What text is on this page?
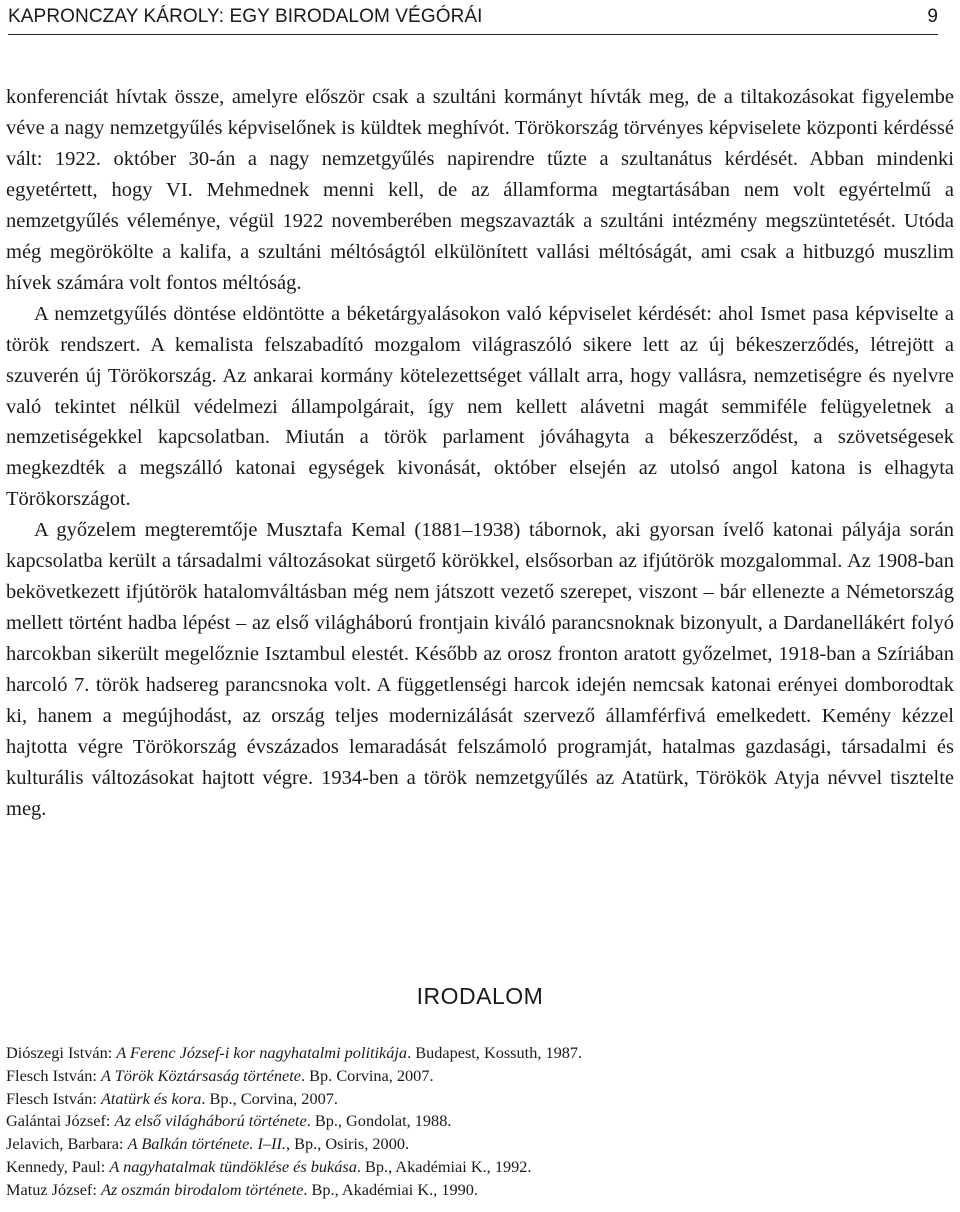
KAPRONCZAY KÁROLY: EGY BIRODALOM VÉGÓRÁI	9

konferenciát hívtak össze, amelyre először csak a szultáni kormányt hívták meg, de a tiltakozásokat figyelembe véve a nagy nemzetgyűlés képviselőnek is küldtek meghívót. Törökország törvényes képviselete központi kérdéssé vált: 1922. október 30-án a nagy nemzetgyűlés napirendre tűzte a szultanátus kérdését. Abban mindenki egyetértett, hogy VI. Mehmednek menni kell, de az államforma megtartásában nem volt egyértelmű a nemzetgyűlés véleménye, végül 1922 novemberében megszavazták a szultáni intézmény megszüntetését. Utóda még megörökölte a kalifa, a szultáni méltóságtól elkülönített vallási méltóságát, ami csak a hitbuzgó muszlim hívek számára volt fontos méltóság.

A nemzetgyűlés döntése eldöntötte a béketárgyalásokon való képviselet kérdését: ahol Ismet pasa képviselte a török rendszert. A kemalista felszabadító mozgalom világraszóló sikere lett az új békeszerződés, létrejött a szuverén új Törökország. Az ankarai kormány kötelezettséget vállalt arra, hogy vallásra, nemzetiségre és nyelvre való tekintet nélkül védelmezi állampolgárait, így nem kellett alávetni magát semmiféle felügyeletnek a nemzetiségekkel kapcsolatban. Miután a török parlament jóváhagyta a békeszerződést, a szövetségesek megkezdték a megszálló katonai egységek kivonását, október elsején az utolsó angol katona is elhagyta Törökországot.

A győzelem megteremtője Musztafa Kemal (1881–1938) tábornok, aki gyorsan ívelő katonai pályája során kapcsolatba került a társadalmi változásokat sürgető körökkel, elsősorban az ifjútörök mozgalommal. Az 1908-ban bekövetkezett ifjútörök hatalomváltásban még nem játszott vezető szerepet, viszont – bár ellenezte a Németország mellett történt hadba lépést – az első világháború frontjain kiváló parancsnoknak bizonyult, a Dardanellákért folyó harcokban sikerült megelőznie Isztambul elestét. Később az orosz fronton aratott győzelmet, 1918-ban a Szíriában harcoló 7. török hadsereg parancsnoka volt. A függetlenségi harcok idején nemcsak katonai erényei domborodtak ki, hanem a megújhodást, az ország teljes modernizálását szervező államférfivá emelkedett. Kemény kézzel hajtotta végre Törökország évszázados lemaradását felszámoló programját, hatalmas gazdasági, társadalmi és kulturális változásokat hajtott végre. 1934-ben a török nemzetgyűlés az Atatürk, Törökök Atyja névvel tisztelte meg.

IRODALOM
Diószegi István: A Ferenc József-i kor nagyhatalmi politikája. Budapest, Kossuth, 1987.
Flesch István: A Török Köztársaság története. Bp. Corvina, 2007.
Flesch István: Atatürk és kora. Bp., Corvina, 2007.
Galántai József: Az első világháború története. Bp., Gondolat, 1988.
Jelavich, Barbara: A Balkán története. I–II., Bp., Osiris, 2000.
Kennedy, Paul: A nagyhatalmak tündöklése és bukása. Bp., Akadémiai K., 1992.
Matuz József: Az oszmán birodalom története. Bp., Akadémiai K., 1990.
